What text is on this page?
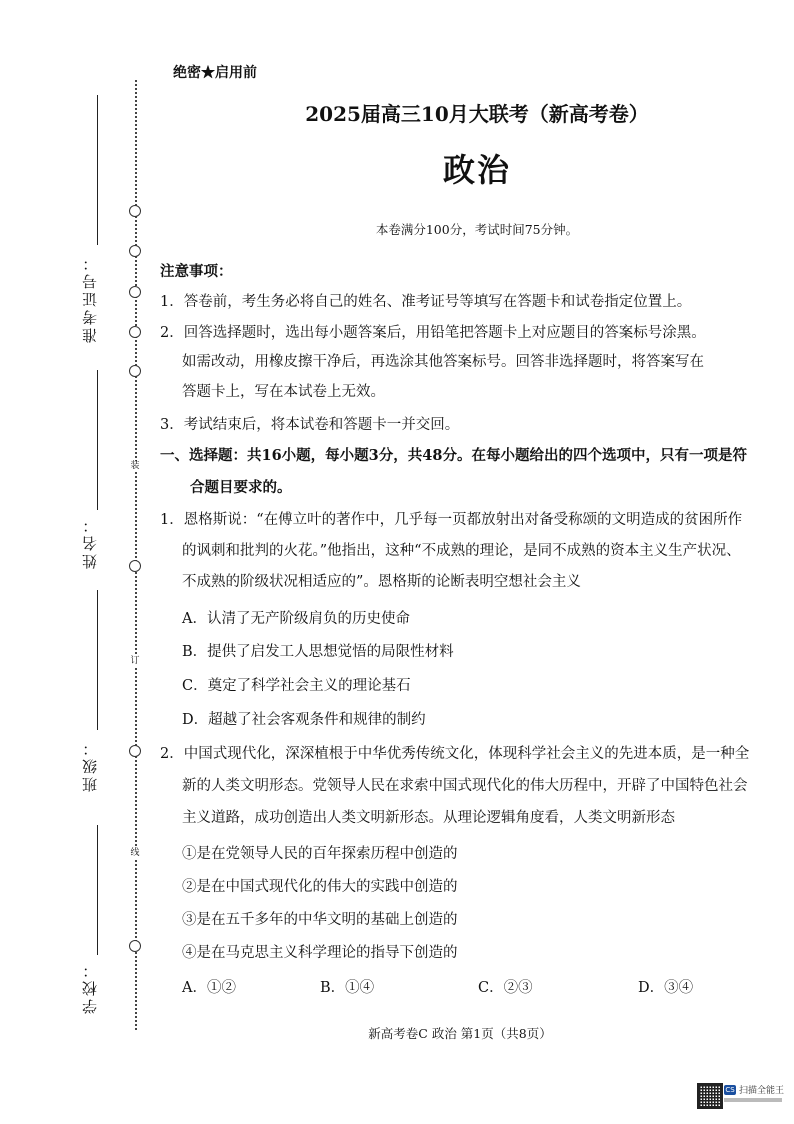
准考证号：
姓名：
班级：
学校：
装
订
线
绝密★启用前
2025届高三10月大联考（新高考卷）
政治
本卷满分100分，考试时间75分钟。
注意事项：
1．答卷前，考生务必将自己的姓名、准考证号等填写在答题卡和试卷指定位置上。
2．回答选择题时，选出每小题答案后，用铅笔把答题卡上对应题目的答案标号涂黑。
如需改动，用橡皮擦干净后，再选涂其他答案标号。回答非选择题时，将答案写在
答题卡上，写在本试卷上无效。
3．考试结束后，将本试卷和答题卡一并交回。
一、选择题：共16小题，每小题3分，共48分。在每小题给出的四个选项中，只有一项是符
合题目要求的。
1．恩格斯说：“在傅立叶的著作中，几乎每一页都放射出对备受称颂的文明造成的贫困所作
的讽刺和批判的火花。”他指出，这种“不成熟的理论，是同不成熟的资本主义生产状况、
不成熟的阶级状况相适应的”。恩格斯的论断表明空想社会主义
A．认清了无产阶级肩负的历史使命
B．提供了启发工人思想觉悟的局限性材料
C．奠定了科学社会主义的理论基石
D．超越了社会客观条件和规律的制约
2．中国式现代化，深深植根于中华优秀传统文化，体现科学社会主义的先进本质，是一种全
新的人类文明形态。党领导人民在求索中国式现代化的伟大历程中，开辟了中国特色社会
主义道路，成功创造出人类文明新形态。从理论逻辑角度看，人类文明新形态
①是在党领导人民的百年探索历程中创造的
②是在中国式现代化的伟大的实践中创造的
③是在五千多年的中华文明的基础上创造的
④是在马克思主义科学理论的指导下创造的
A．①②	B．①④	C．②③	D．③④
新高考卷C 政治 第1页（共8页）
CS 扫描全能王
